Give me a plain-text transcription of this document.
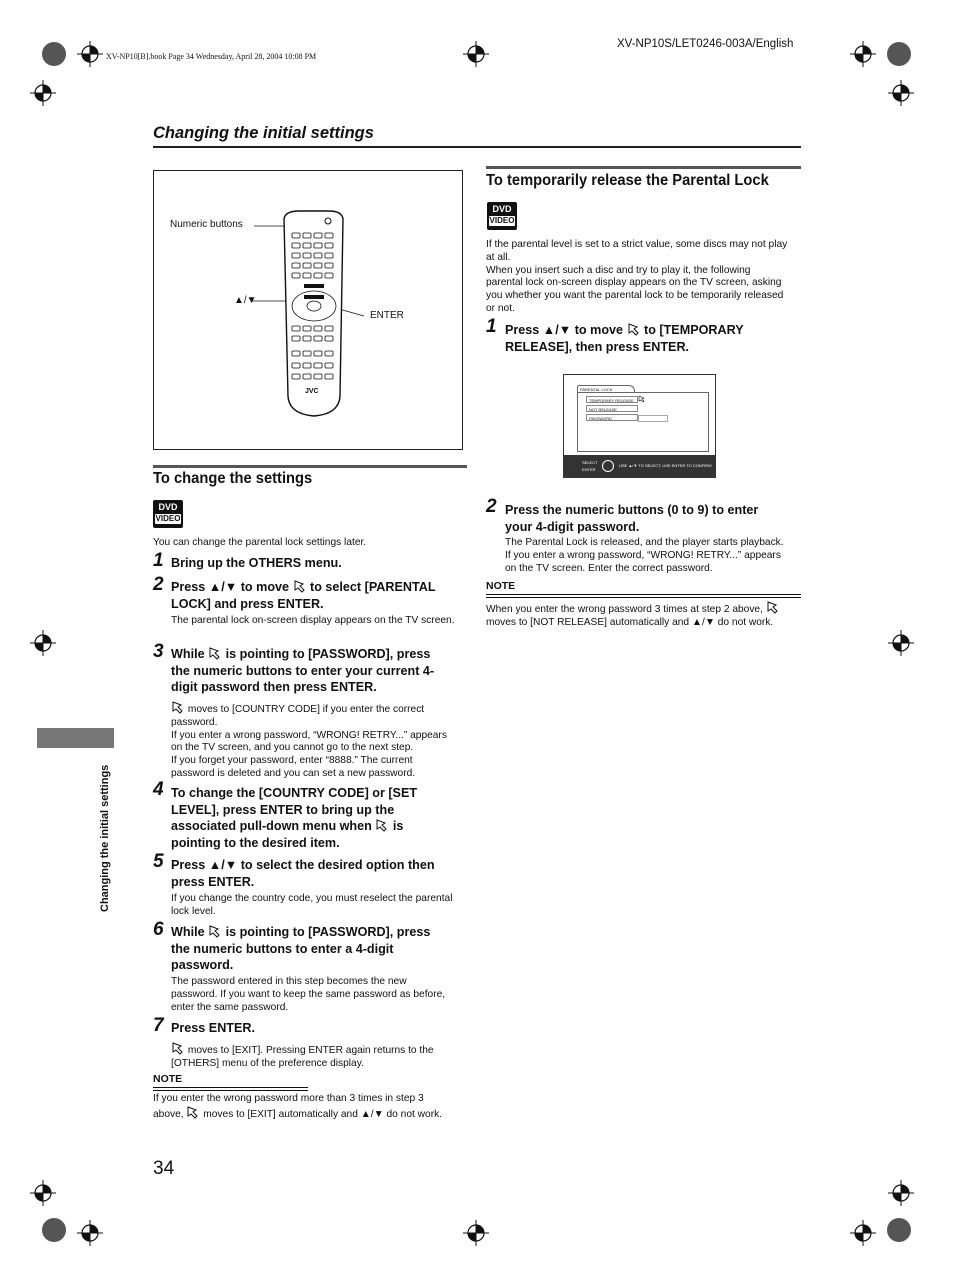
XV-NP10[B].book Page 34 Wednesday, April 28, 2004 10:08 PM
XV-NP10S/LET0246-003A/English
Changing the initial settings
Changing the initial settings
Numeric buttons
▲/▼
ENTER
JVC
To change the settings
DVD
VIDEO
You can change the parental lock settings later.
1 Bring up the OTHERS menu.
2 Press ▲/▼ to move to select [PARENTAL
LOCK] and press ENTER.
The parental lock on-screen display appears on the TV screen.
3 While is pointing to [PASSWORD], press
the numeric buttons to enter your current 4-
digit password then press ENTER.
moves to [COUNTRY CODE] if you enter the correct
password.
If you enter a wrong password, “WRONG! RETRY...” appears
on the TV screen, and you cannot go to the next step.
If you forget your password, enter “8888.” The current
password is deleted and you can set a new password.
4 To change the [COUNTRY CODE] or [SET
LEVEL], press ENTER to bring up the
associated pull-down menu when is
pointing to the desired item.
5 Press ▲/▼ to select the desired option then
press ENTER.
If you change the country code, you must reselect the parental
lock level.
6 While is pointing to [PASSWORD], press
the numeric buttons to enter a 4-digit
password.
The password entered in this step becomes the new
password. If you want to keep the same password as before,
enter the same password.
7 Press ENTER.
moves to [EXIT]. Pressing ENTER again returns to the
[OTHERS] menu of the preference display.
NOTE
If you enter the wrong password more than 3 times in step 3
above, moves to [EXIT] automatically and ▲/▼ do not work.
34
To temporarily release the Parental Lock
DVD
VIDEO
If the parental level is set to a strict value, some discs may not play
at all.
When you insert such a disc and try to play it, the following
parental lock on-screen display appears on the TV screen, asking
you whether you want the parental lock to be temporarily released
or not.
1 Press ▲/▼ to move to [TEMPORARY
RELEASE], then press ENTER.
PARENTAL LOCK
TEMPORARY RELEASE
NOT RELEASE
PASSWORD
SELECT
ENTER
USE ▲/▼ TO SELECT, USE ENTER TO CONFIRM
2 Press the numeric buttons (0 to 9) to enter
your 4-digit password.
The Parental Lock is released, and the player starts playback.
If you enter a wrong password, “WRONG! RETRY...” appears
on the TV screen. Enter the correct password.
NOTE
When you enter the wrong password 3 times at step 2 above,
moves to [NOT RELEASE] automatically and ▲/▼ do not work.
